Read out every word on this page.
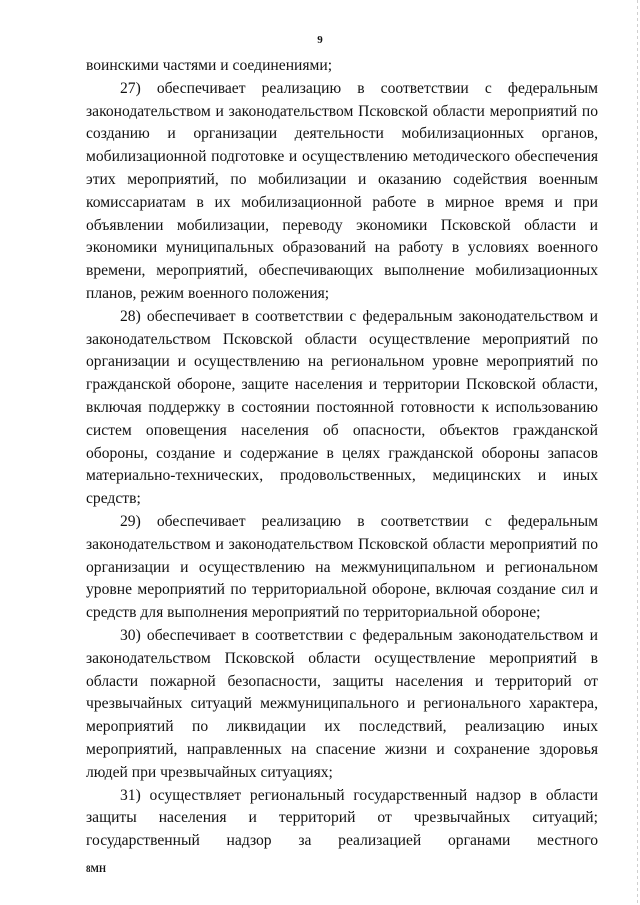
9

воинскими частями и соединениями;

27) обеспечивает реализацию в соответствии с федеральным законодательством и законодательством Псковской области мероприятий по созданию и организации деятельности мобилизационных органов, мобилизационной подготовке и осуществлению методического обеспечения этих мероприятий, по мобилизации и оказанию содействия военным комиссариатам в их мобилизационной работе в мирное время и при объявлении мобилизации, переводу экономики Псковской области и экономики муниципальных образований на работу в условиях военного времени, мероприятий, обеспечивающих выполнение мобилизационных планов, режим военного положения;

28) обеспечивает в соответствии с федеральным законодательством и законодательством Псковской области осуществление мероприятий по организации и осуществлению на региональном уровне мероприятий по гражданской обороне, защите населения и территории Псковской области, включая поддержку в состоянии постоянной готовности к использованию систем оповещения населения об опасности, объектов гражданской обороны, создание и содержание в целях гражданской обороны запасов материально-технических, продовольственных, медицинских и иных средств;

29) обеспечивает реализацию в соответствии с федеральным законодательством и законодательством Псковской области мероприятий по организации и осуществлению на межмуниципальном и региональном уровне мероприятий по территориальной обороне, включая создание сил и средств для выполнения мероприятий по территориальной обороне;

30) обеспечивает в соответствии с федеральным законодательством и законодательством Псковской области осуществление мероприятий в области пожарной безопасности, защиты населения и территорий от чрезвычайных ситуаций межмуниципального и регионального характера, мероприятий по ликвидации их последствий, реализацию иных мероприятий, направленных на спасение жизни и сохранение здоровья людей при чрезвычайных ситуациях;

31) осуществляет региональный государственный надзор в области защиты населения и территорий от чрезвычайных ситуаций; государственный надзор за реализацией органами местного

8МН
